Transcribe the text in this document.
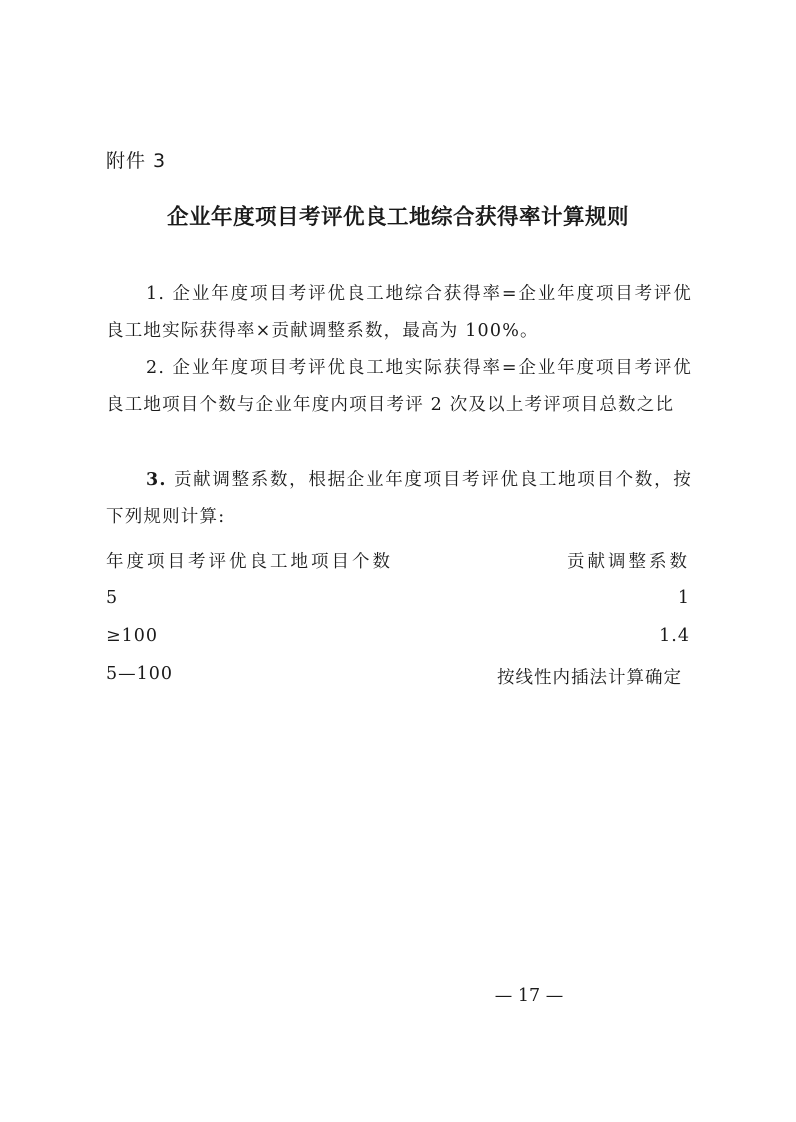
附件 3
企业年度项目考评优良工地综合获得率计算规则
1. 企业年度项目考评优良工地综合获得率=企业年度项目考评优良工地实际获得率×贡献调整系数，最高为 100%。
2. 企业年度项目考评优良工地实际获得率=企业年度项目考评优良工地项目个数与企业年度内项目考评 2 次及以上考评项目总数之比
3. 贡献调整系数，根据企业年度项目考评优良工地项目个数，按下列规则计算:
年度项目考评优良工地项目个数	贡献调整系数
5	1
≥100	1.4
5—100	按线性内插法计算确定
— 17 —
